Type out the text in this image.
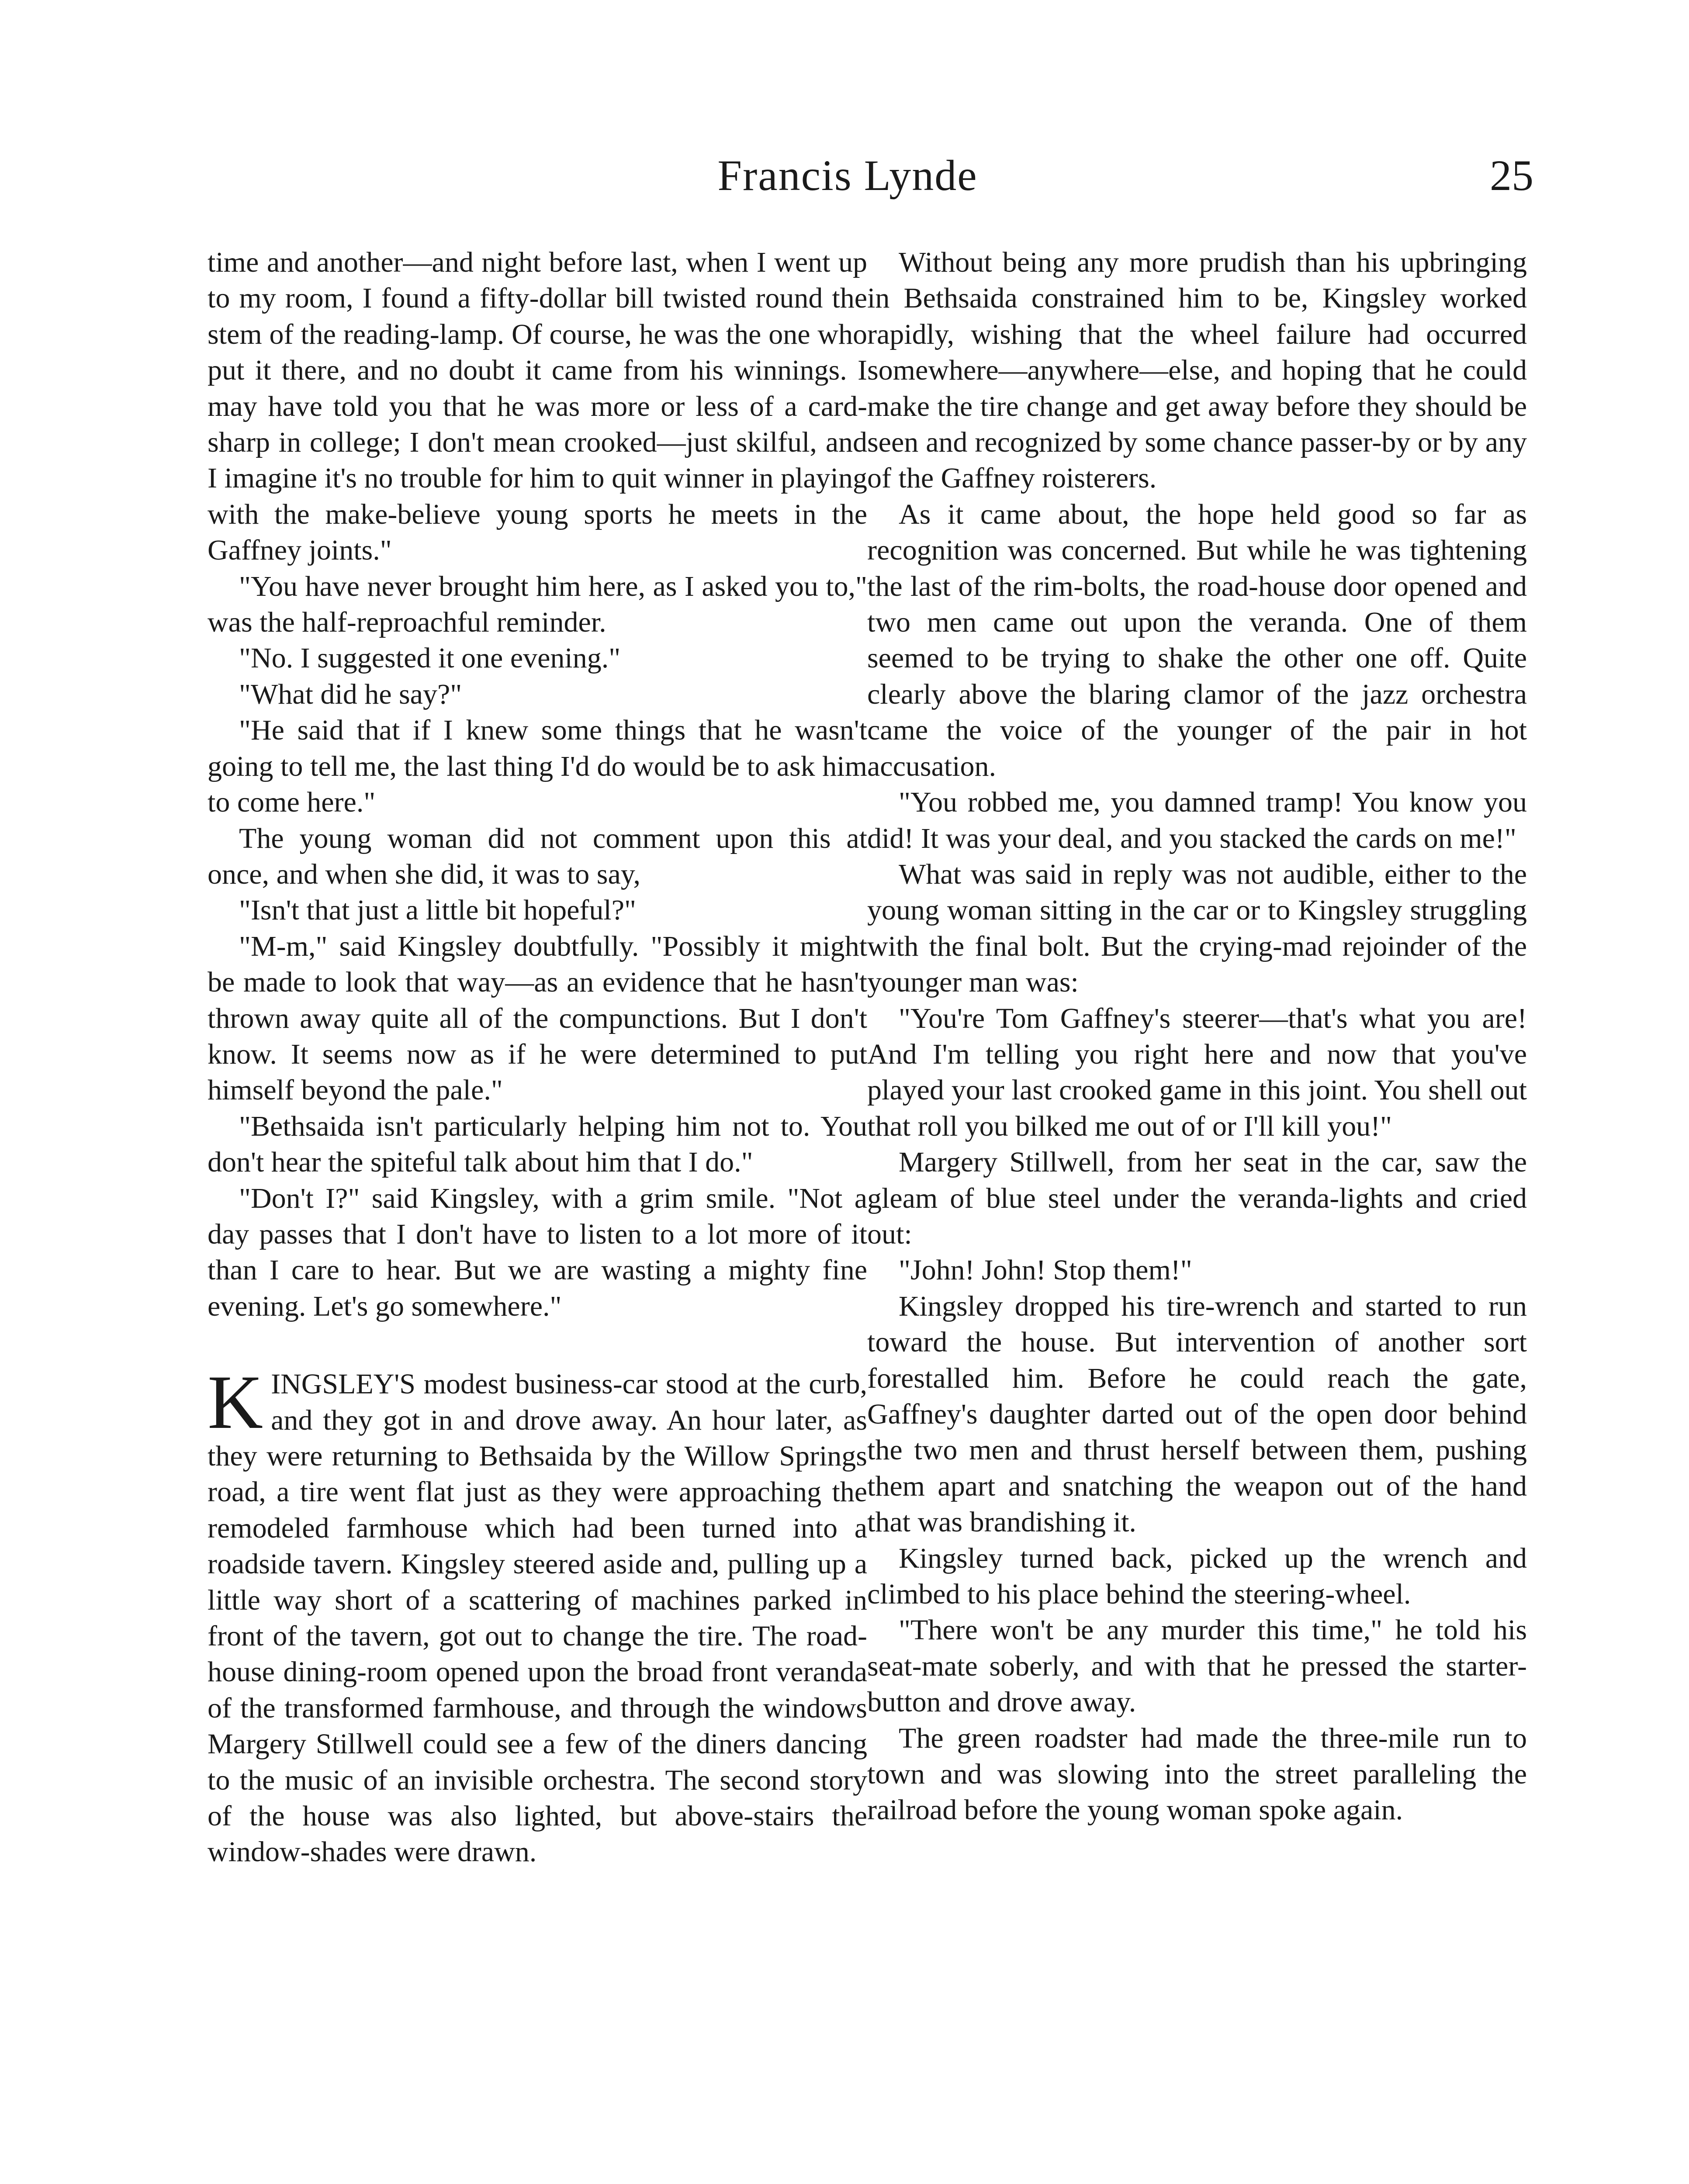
Francis Lynde	25

time and another—and night before last, when I went up to my room, I found a fifty-dollar bill twisted round the stem of the reading-lamp. Of course, he was the one who put it there, and no doubt it came from his winnings. I may have told you that he was more or less of a card-sharp in college; I don't mean crooked—just skilful, and I imagine it's no trouble for him to quit winner in playing with the make-believe young sports he meets in the Gaffney joints."

"You have never brought him here, as I asked you to," was the half-reproachful reminder.

"No. I suggested it one evening."

"What did he say?"

"He said that if I knew some things that he wasn't going to tell me, the last thing I'd do would be to ask him to come here."

The young woman did not comment upon this at once, and when she did, it was to say,

"Isn't that just a little bit hopeful?"

"M-m," said Kingsley doubtfully. "Possibly it might be made to look that way—as an evidence that he hasn't thrown away quite all of the compunctions. But I don't know. It seems now as if he were determined to put himself beyond the pale."

"Bethsaida isn't particularly helping him not to. You don't hear the spiteful talk about him that I do."

"Don't I?" said Kingsley, with a grim smile. "Not a day passes that I don't have to listen to a lot more of it than I care to hear. But we are wasting a mighty fine evening. Let's go somewhere."

KINGSLEY'S modest business-car stood at the curb, and they got in and drove away. An hour later, as they were returning to Bethsaida by the Willow Springs road, a tire went flat just as they were approaching the remodeled farmhouse which had been turned into a roadside tavern. Kingsley steered aside and, pulling up a little way short of a scattering of machines parked in front of the tavern, got out to change the tire. The road-house dining-room opened upon the broad front veranda of the transformed farmhouse, and through the windows Margery Stillwell could see a few of the diners dancing to the music of an invisible orchestra. The second story of the house was also lighted, but above-stairs the window-shades were drawn.

Without being any more prudish than his upbringing in Bethsaida constrained him to be, Kingsley worked rapidly, wishing that the wheel failure had occurred somewhere—anywhere—else, and hoping that he could make the tire change and get away before they should be seen and recognized by some chance passer-by or by any of the Gaffney roisterers.

As it came about, the hope held good so far as recognition was concerned. But while he was tightening the last of the rim-bolts, the road-house door opened and two men came out upon the veranda. One of them seemed to be trying to shake the other one off. Quite clearly above the blaring clamor of the jazz orchestra came the voice of the younger of the pair in hot accusation.

"You robbed me, you damned tramp! You know you did! It was your deal, and you stacked the cards on me!"

What was said in reply was not audible, either to the young woman sitting in the car or to Kingsley struggling with the final bolt. But the crying-mad rejoinder of the younger man was:

"You're Tom Gaffney's steerer—that's what you are! And I'm telling you right here and now that you've played your last crooked game in this joint. You shell out that roll you bilked me out of or I'll kill you!"

Margery Stillwell, from her seat in the car, saw the gleam of blue steel under the veranda-lights and cried out:

"John! John! Stop them!"

Kingsley dropped his tire-wrench and started to run toward the house. But intervention of another sort forestalled him. Before he could reach the gate, Gaffney's daughter darted out of the open door behind the two men and thrust herself between them, pushing them apart and snatching the weapon out of the hand that was brandishing it.

Kingsley turned back, picked up the wrench and climbed to his place behind the steering-wheel.

"There won't be any murder this time," he told his seat-mate soberly, and with that he pressed the starter-button and drove away.

The green roadster had made the three-mile run to town and was slowing into the street paralleling the railroad before the young woman spoke again.
